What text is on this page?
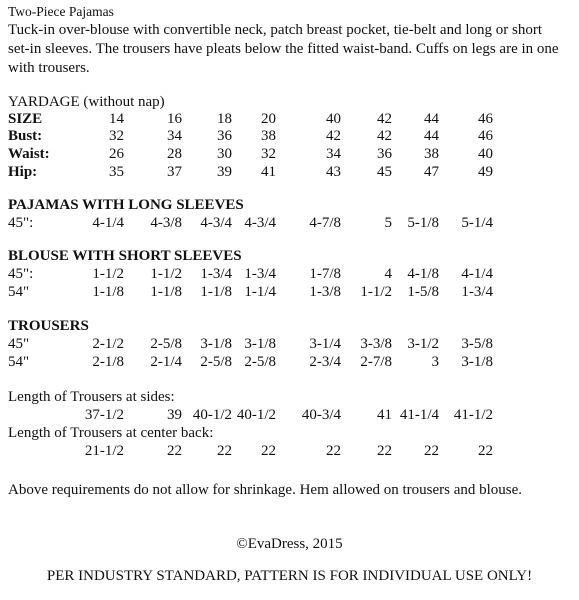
Two-Piece Pajamas
Tuck-in over-blouse with convertible neck, patch breast pocket, tie-belt and long or short
set-in sleeves. The trousers have pleats below the fitted waist-band. Cuffs on legs are in one
with trousers.
YARDAGE (without nap)
SIZE	14	16 18 20	40 42 44	46
Bust:	32	34 36 38	42 42 44	46
Waist:	26	28 30 32	34 36 38	40
Hip:	35	37 39 41	43 45 47	49
PAJAMAS WITH LONG SLEEVES
45":	4-1/4 4-3/8 4-3/4 4-3/4 4-7/8	5 5-1/8 5-1/4
BLOUSE WITH SHORT SLEEVES
45":	1-1/2 1-1/2 1-3/4 1-3/4 1-7/8	4 4-1/8 4-1/4
54"	1-1/8 1-1/8 1-1/8 1-1/4 1-3/8 1-1/2 1-5/8 1-3/4
TROUSERS
45"	2-1/2 2-5/8 3-1/8 3-1/8 3-1/4 3-3/8 3-1/2 3-5/8
54"	2-1/8 2-1/4 2-5/8 2-5/8 2-3/4 2-7/8	3 3-1/8
Length of Trousers at sides:
37-1/2	39 40-1/2 40-1/2 40-3/4 41 41-1/4 41-1/2
Length of Trousers at center back:
21-1/2	22 22 22	22 22 22	22
Above requirements do not allow for shrinkage. Hem allowed on trousers and blouse.
©EvaDress, 2015
PER INDUSTRY STANDARD, PATTERN IS FOR INDIVIDUAL USE ONLY!
